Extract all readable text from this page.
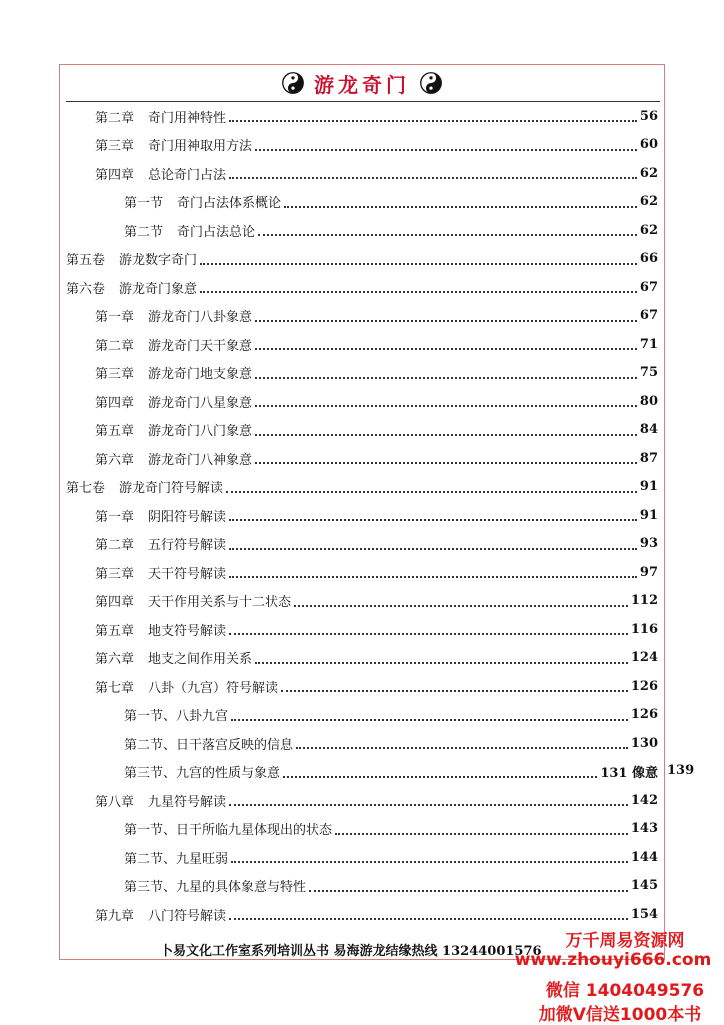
游龙奇门
第二章 奇门用神特性	56
第三章 奇门用神取用方法	60
第四章 总论奇门占法	62
第一节 奇门占法体系概论	62
第二节 奇门占法总论	62
第五卷 游龙数字奇门	66
第六卷 游龙奇门象意	67
第一章 游龙奇门八卦象意	67
第二章 游龙奇门天干象意	71
第三章 游龙奇门地支象意	75
第四章 游龙奇门八星象意	80
第五章 游龙奇门八门象意	84
第六章 游龙奇门八神象意	87
第七卷 游龙奇门符号解读	91
第一章 阴阳符号解读	91
第二章 五行符号解读	93
第三章 天干符号解读	97
第四章 天干作用关系与十二状态	112
第五章 地支符号解读	116
第六章 地支之间作用关系	124
第七章 八卦（九宫）符号解读	126
第一节、八卦九宫	126
第二节、日干落宫反映的信息	130
第三节、九宫的性质与象意	131 像意
第八章 九星符号解读	142
第一节、日干所临九星体现出的状态	143
第二节、九星旺弱	144
第三节、九星的具体象意与特性	145
第九章 八门符号解读	154
139
卜易文化工作室系列培训丛书 易海游龙结缘热线 13244001576
万千周易资源网
www.zhouyi666.com
微信 1404049576
加微V信送1000本书
